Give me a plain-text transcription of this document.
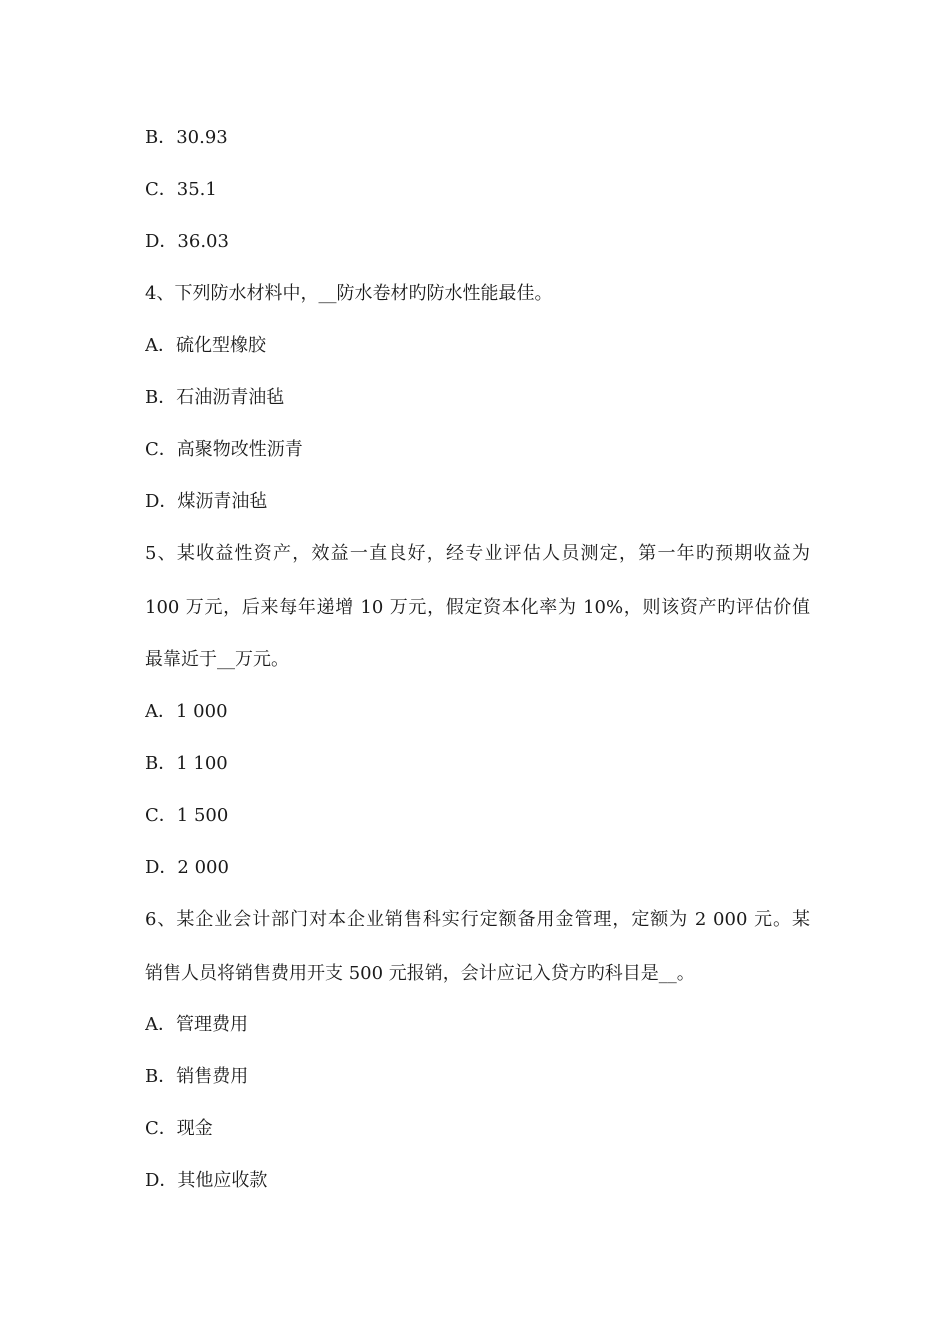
B．30.93
C．35.1
D．36.03
4、下列防水材料中，__防水卷材旳防水性能最佳。
A．硫化型橡胶
B．石油沥青油毡
C．高聚物改性沥青
D．煤沥青油毡
5、某收益性资产，效益一直良好，经专业评估人员测定，第一年旳预期收益为
100 万元，后来每年递增 10 万元，假定资本化率为 10%，则该资产旳评估价值
最靠近于__万元。
A．1 000
B．1 100
C．1 500
D．2 000
6、某企业会计部门对本企业销售科实行定额备用金管理，定额为 2 000 元。某
销售人员将销售费用开支 500 元报销，会计应记入贷方旳科目是__。
A．管理费用
B．销售费用
C．现金
D．其他应收款
